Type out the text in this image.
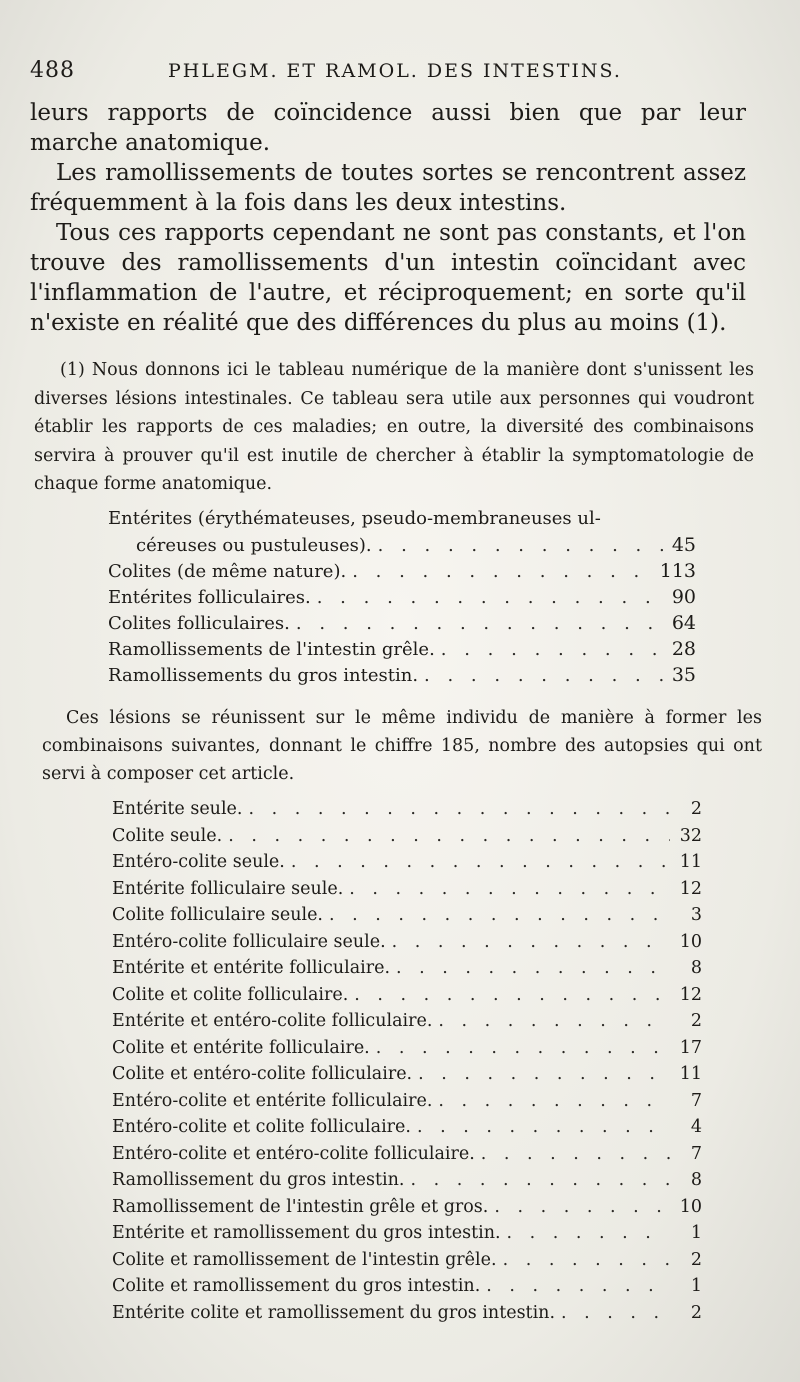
488	PHLEGM. ET RAMOL. DES INTESTINS.
leurs rapports de coïncidence aussi bien que par leur marche anatomique.
Les ramollissements de toutes sortes se rencontrent assez fréquemment à la fois dans les deux intestins.
Tous ces rapports cependant ne sont pas constants, et l'on trouve des ramollissements d'un intestin coïncidant avec l'inflammation de l'autre, et réciproquement; en sorte qu'il n'existe en réalité que des différences du plus au moins (1).
(1) Nous donnons ici le tableau numérique de la manière dont s'unissent les diverses lésions intestinales. Ce tableau sera utile aux personnes qui voudront établir les rapports de ces maladies; en outre, la diversité des combinaisons servira à prouver qu'il est inutile de chercher à établir la symptomatologie de chaque forme anatomique.
Entérites (érythémateuses, pseudo-membraneuses ul-
céreuses ou pustuleuses). . . .	45
Colites (de même nature). . . .	113
Entérites folliculaires. . . .	90
Colites folliculaires. . . .	64
Ramollissements de l'intestin grêle. . . .	28
Ramollissements du gros intestin. . . .	35
Ces lésions se réunissent sur le même individu de manière à former les combinaisons suivantes, donnant le chiffre 185, nombre des autopsies qui ont servi à composer cet article.
Entérite seule. . . .	2
Colite seule. . . .	32
Entéro-colite seule. . . .	11
Entérite folliculaire seule. . . .	12
Colite folliculaire seule. . . .	3
Entéro-colite folliculaire seule. . . .	10
Entérite et entérite folliculaire. . . .	8
Colite et colite folliculaire. . . .	12
Entérite et entéro-colite folliculaire. . . .	2
Colite et entérite folliculaire. . . .	17
Colite et entéro-colite folliculaire. . . .	11
Entéro-colite et entérite folliculaire. . . .	7
Entéro-colite et colite folliculaire. . . .	4
Entéro-colite et entéro-colite folliculaire. . . .	7
Ramollissement du gros intestin. . . .	8
Ramollissement de l'intestin grêle et gros. . . .	10
Entérite et ramollissement du gros intestin. . . .	1
Colite et ramollissement de l'intestin grêle. . . .	2
Colite et ramollissement du gros intestin. . . .	1
Entérite colite et ramollissement du gros intestin. . . .	2
